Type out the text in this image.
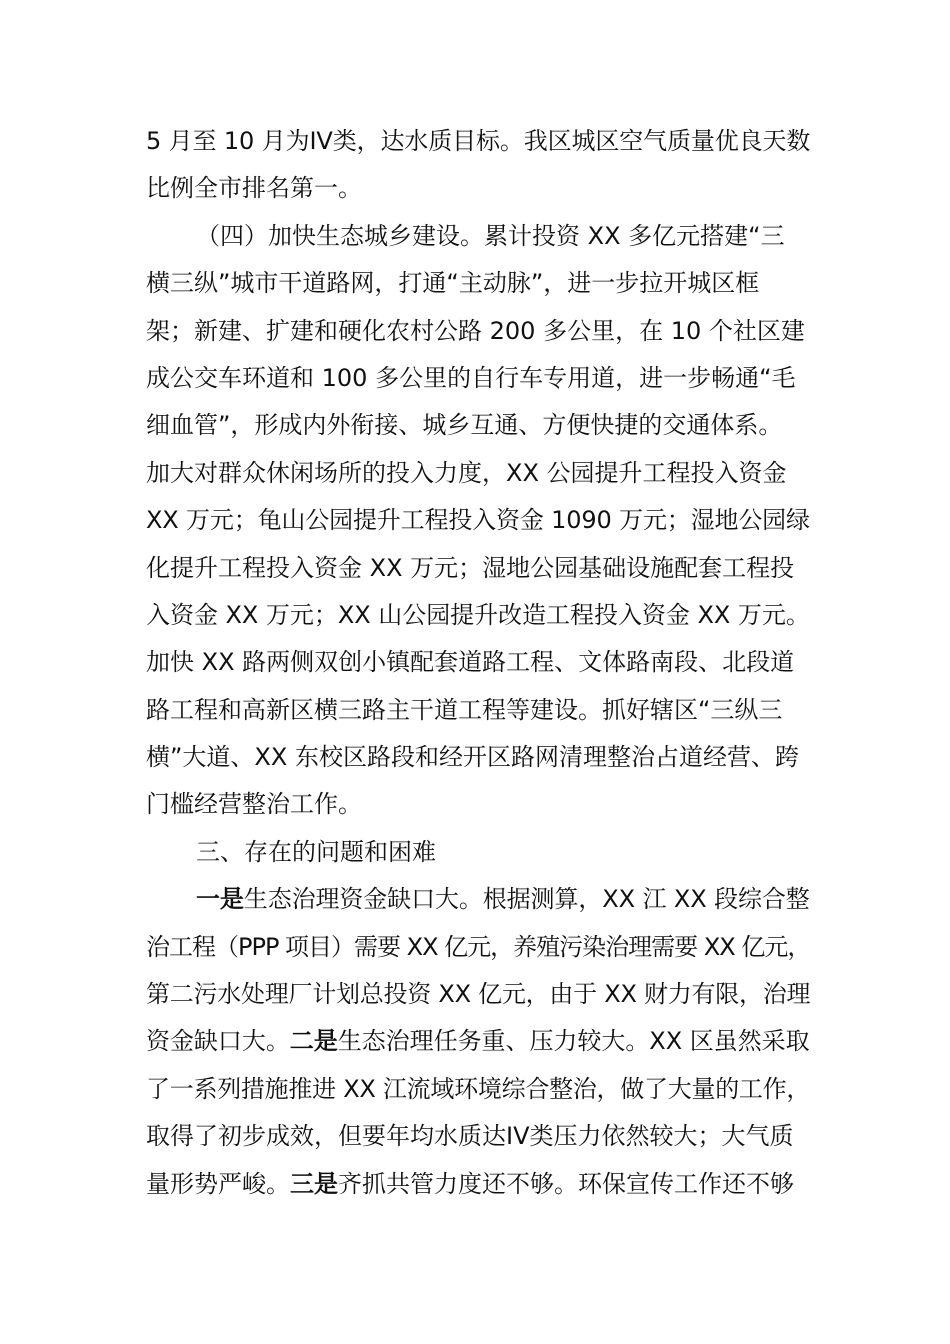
5 月至 10 月为IV类，达水质目标。我区城区空气质量优良天数
比例全市排名第一。
（四）加快生态城乡建设。累计投资 XX 多亿元搭建“三
横三纵”城市干道路网，打通“主动脉”，进一步拉开城区框
架；新建、扩建和硬化农村公路 200 多公里，在 10 个社区建
成公交车环道和 100 多公里的自行车专用道，进一步畅通“毛
细血管”，形成内外衔接、城乡互通、方便快捷的交通体系。
加大对群众休闲场所的投入力度，XX 公园提升工程投入资金
XX 万元；龟山公园提升工程投入资金 1090 万元；湿地公园绿
化提升工程投入资金 XX 万元；湿地公园基础设施配套工程投
入资金 XX 万元；XX 山公园提升改造工程投入资金 XX 万元。
加快 XX 路两侧双创小镇配套道路工程、文体路南段、北段道
路工程和高新区横三路主干道工程等建设。抓好辖区“三纵三
横”大道、XX 东校区路段和经开区路网清理整治占道经营、跨
门槛经营整治工作。
三、存在的问题和困难
一是生态治理资金缺口大。根据测算，XX 江 XX 段综合整
治工程（PPP 项目）需要 XX 亿元，养殖污染治理需要 XX 亿元，
第二污水处理厂计划总投资 XX 亿元，由于 XX 财力有限，治理
资金缺口大。二是生态治理任务重、压力较大。XX 区虽然采取
了一系列措施推进 XX 江流域环境综合整治，做了大量的工作，
取得了初步成效，但要年均水质达IV类压力依然较大；大气质
量形势严峻。三是齐抓共管力度还不够。环保宣传工作还不够
